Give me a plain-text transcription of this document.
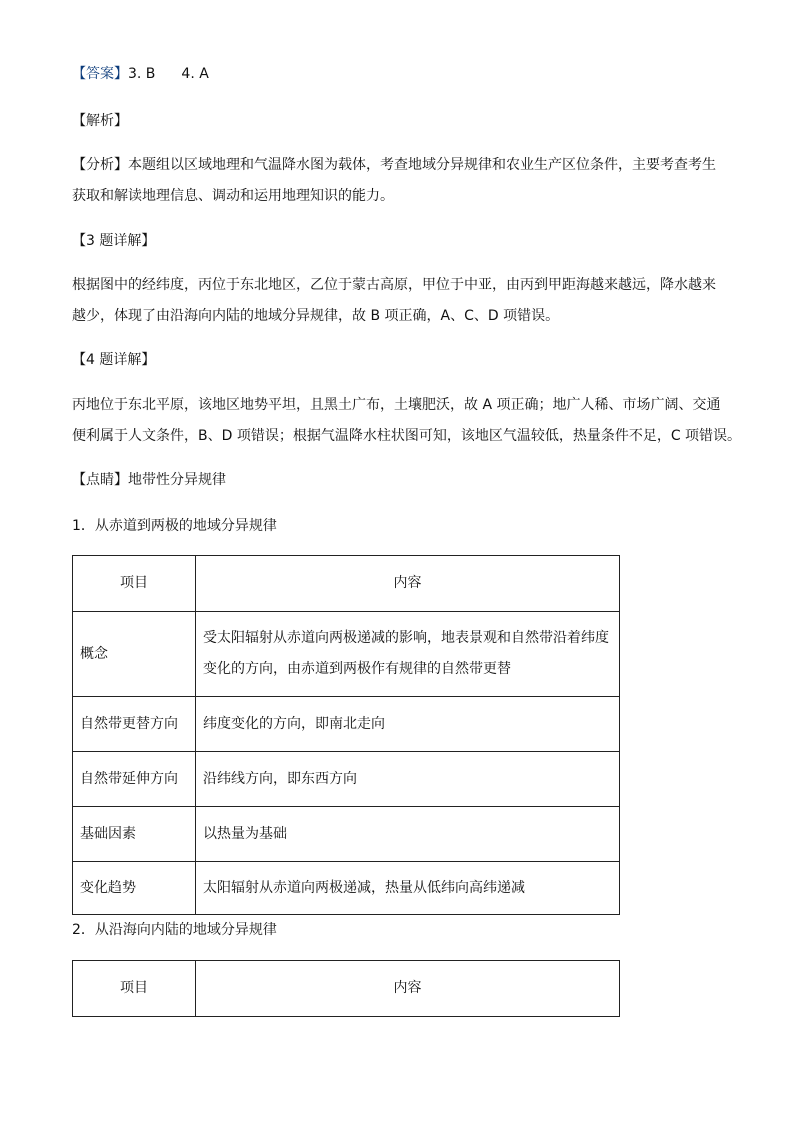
【答案】3. B 4. A
【解析】
【分析】本题组以区域地理和气温降水图为载体，考查地域分异规律和农业生产区位条件，主要考查考生
获取和解读地理信息、调动和运用地理知识的能力。
【3 题详解】
根据图中的经纬度，丙位于东北地区，乙位于蒙古高原，甲位于中亚，由丙到甲距海越来越远，降水越来
越少，体现了由沿海向内陆的地域分异规律，故 B 项正确，A、C、D 项错误。
【4 题详解】
丙地位于东北平原，该地区地势平坦，且黑土广布，土壤肥沃，故 A 项正确；地广人稀、市场广阔、交通
便利属于人文条件，B、D 项错误；根据气温降水柱状图可知，该地区气温较低，热量条件不足，C 项错误。
【点睛】地带性分异规律
1．从赤道到两极的地域分异规律
项目	内容
概念	受太阳辐射从赤道向两极递减的影响，地表景观和自然带沿着纬度变化的方向，由赤道到两极作有规律的自然带更替
自然带更替方向	纬度变化的方向，即南北走向
自然带延伸方向	沿纬线方向，即东西方向
基础因素	以热量为基础
变化趋势	太阳辐射从赤道向两极递减，热量从低纬向高纬递减
2．从沿海向内陆的地域分异规律
项目	内容
